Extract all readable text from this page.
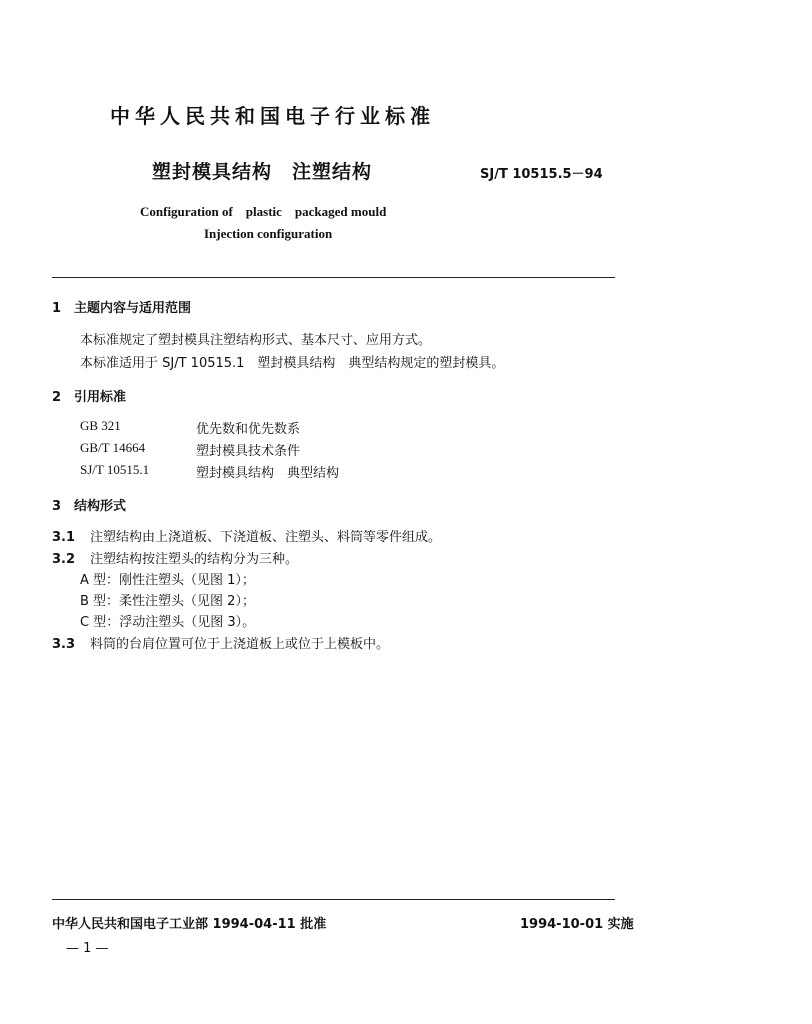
中华人民共和国电子行业标准
塑封模具结构　注塑结构	SJ/T 10515.5－94
Configuration of　plastic　packaged mould
Injection configuration
1 主题内容与适用范围
本标准规定了塑封模具注塑结构形式、基本尺寸、应用方式。
本标准适用于 SJ/T 10515.1　塑封模具结构　典型结构规定的塑封模具。
2 引用标准
GB 321	优先数和优先数系
GB/T 14664	塑封模具技术条件
SJ/T 10515.1	塑封模具结构　典型结构
3 结构形式
3.1 注塑结构由上浇道板、下浇道板、注塑头、料筒等零件组成。
3.2 注塑结构按注塑头的结构分为三种。
A 型：刚性注塑头（见图 1）；
B 型：柔性注塑头（见图 2）；
C 型：浮动注塑头（见图 3）。
3.3 料筒的台肩位置可位于上浇道板上或位于上模板中。
中华人民共和国电子工业部 1994-04-11 批准	1994-10-01 实施
— 1 —
